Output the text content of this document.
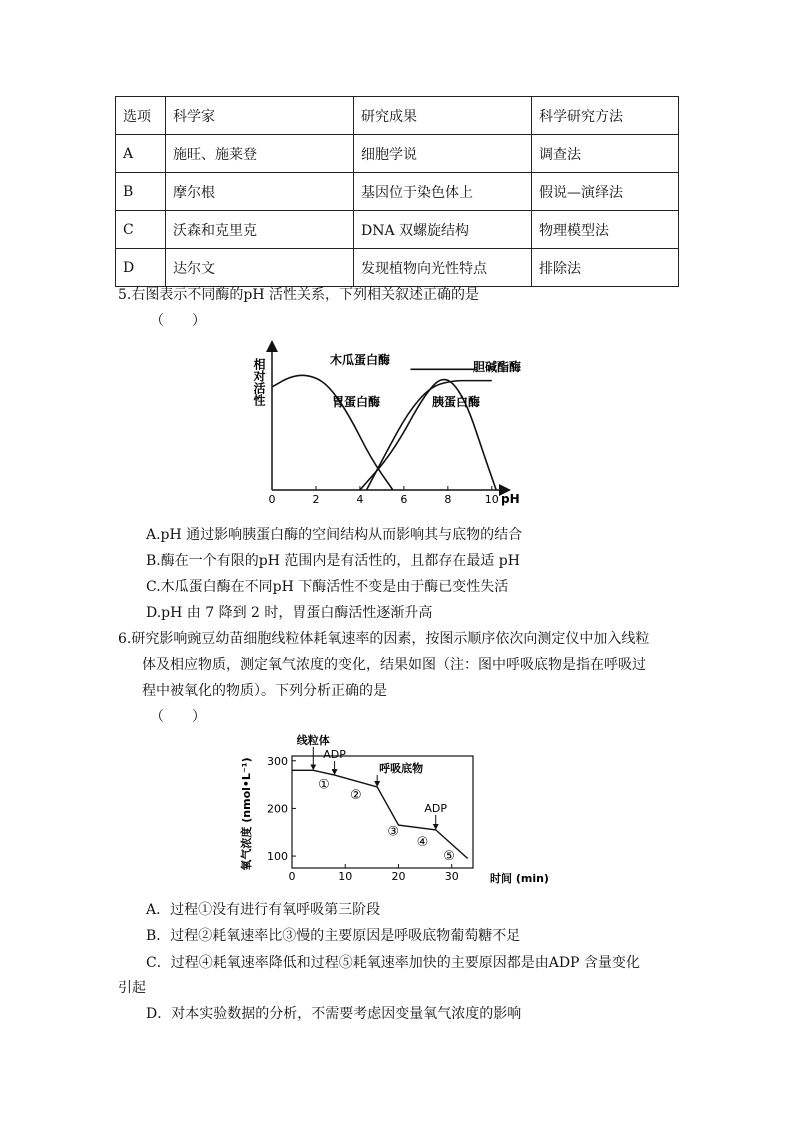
选项	科学家	研究成果	科学研究方法
A	施旺、施莱登	细胞学说	调查法
B	摩尔根	基因位于染色体上	假说—演绎法
C	沃森和克里克	DNA 双螺旋结构	物理模型法
D	达尔文	发现植物向光性特点	排除法
5.右图表示不同酶的pH 活性关系，下列相关叙述正确的是
（　　）
相对活性
pH
0	2	4	6	8	10
木瓜蛋白酶	胆碱酯酶
胃蛋白酶	胰蛋白酶
A.pH 通过影响胰蛋白酶的空间结构从而影响其与底物的结合
B.酶在一个有限的pH 范围内是有活性的，且都存在最适 pH
C.木瓜蛋白酶在不同pH 下酶活性不变是由于酶已变性失活
D.pH 由 7 降到 2 时，胃蛋白酶活性逐渐升高
6.研究影响豌豆幼苗细胞线粒体耗氧速率的因素，按图示顺序依次向测定仪中加入线粒
体及相应物质，测定氧气浓度的变化，结果如图（注：图中呼吸底物是指在呼吸过
程中被氧化的物质）。下列分析正确的是
（　　）
氧气浓度 (nmol•L⁻¹)
时间 (min)
0	10	20	30
100
200
300
线粒体
ADP
呼吸底物
ADP
①
②
③
④
⑤
A．过程①没有进行有氧呼吸第三阶段
B．过程②耗氧速率比③慢的主要原因是呼吸底物葡萄糖不足
C．过程④耗氧速率降低和过程⑤耗氧速率加快的主要原因都是由ADP 含量变化
引起
D．对本实验数据的分析，不需要考虑因变量氧气浓度的影响
